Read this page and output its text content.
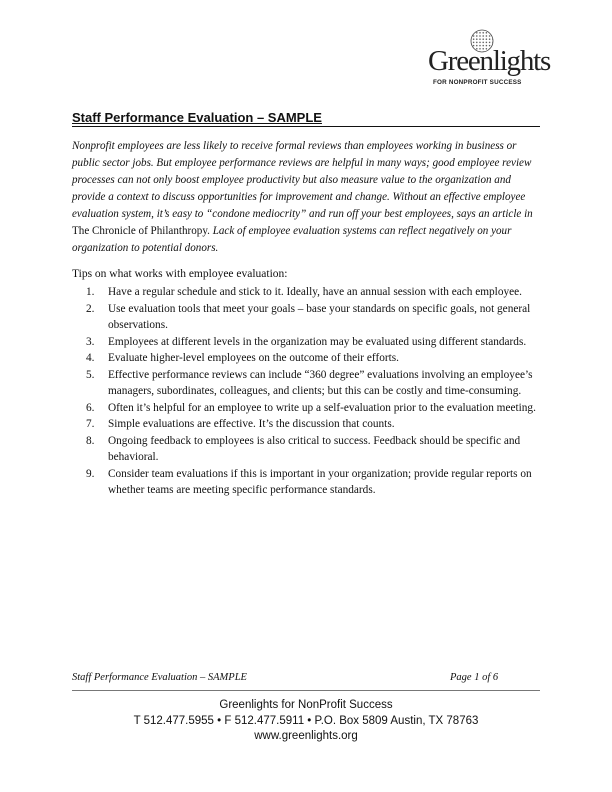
Greenlights
FOR NONPROFIT SUCCESS
Staff Performance Evaluation – SAMPLE

Nonprofit employees are less likely to receive formal reviews than employees working in business or public sector jobs. But employee performance reviews are helpful in many ways; good employee review processes can not only boost employee productivity but also measure value to the organization and provide a context to discuss opportunities for improvement and change. Without an effective employee evaluation system, it’s easy to “condone mediocrity” and run off your best employees, says an article in The Chronicle of Philanthropy. Lack of employee evaluation systems can reflect negatively on your organization to potential donors.

Tips on what works with employee evaluation:

1. Have a regular schedule and stick to it. Ideally, have an annual session with each employee.
2. Use evaluation tools that meet your goals – base your standards on specific goals, not general observations.
3. Employees at different levels in the organization may be evaluated using different standards.
4. Evaluate higher-level employees on the outcome of their efforts.
5. Effective performance reviews can include “360 degree” evaluations involving an employee’s managers, subordinates, colleagues, and clients; but this can be costly and time-consuming.
6. Often it’s helpful for an employee to write up a self-evaluation prior to the evaluation meeting.
7. Simple evaluations are effective. It’s the discussion that counts.
8. Ongoing feedback to employees is also critical to success. Feedback should be specific and behavioral.
9. Consider team evaluations if this is important in your organization; provide regular reports on whether teams are meeting specific performance standards.
Staff Performance Evaluation – SAMPLE	Page 1 of 6
Greenlights for NonProfit Success
T 512.477.5955 • F 512.477.5911 • P.O. Box 5809 Austin, TX 78763
www.greenlights.org
